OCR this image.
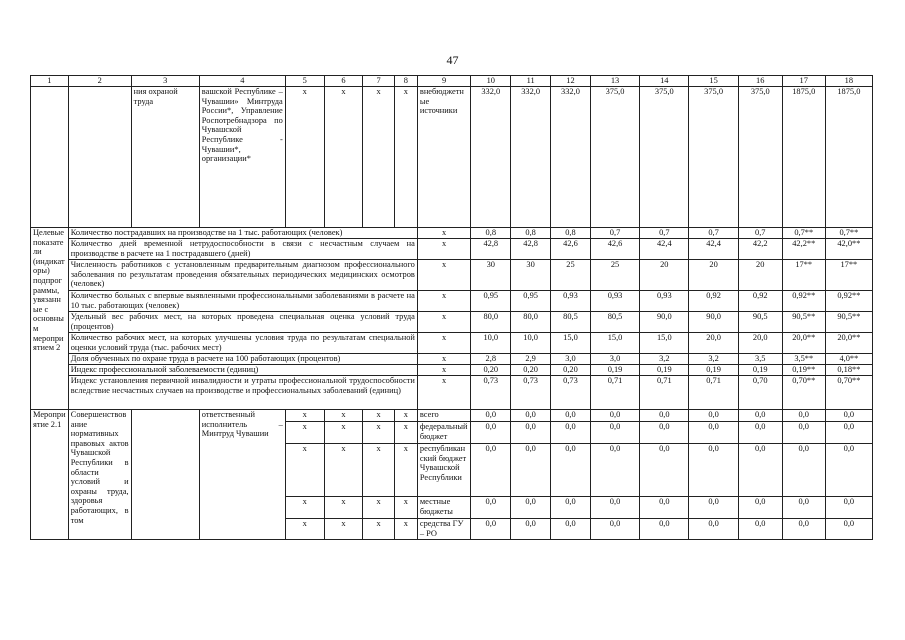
47
1	2	3	4	5	6	7	8	9	10	11	12	13	14	15	16	17	18
		ния охраной труда	вашской Республике – Чувашии» Минтруда России*, Управление Роспотребнадзора по Чувашской Республике - Чувашии*, организации*	x	x	x	x	внебюджетные источники	332,0	332,0	332,0	375,0	375,0	375,0	375,0	1875,0	1875,0
Целевые показатели (индикаторы) подпрограммы, увязанные с основным мероприятием 2	Количество пострадавших на производстве на 1 тыс. работающих (человек)							x	0,8	0,8	0,8	0,7	0,7	0,7	0,7	0,7**	0,7**
	Количество дней временной нетрудоспособности в связи с несчастным случаем на производстве в расчете на 1 пострадавшего (дней)							x	42,8	42,8	42,6	42,6	42,4	42,4	42,2	42,2**	42,0**
	Численность работников с установленным предварительным диагнозом профессионального заболевания по результатам проведения обязательных периодических медицинских осмотров (человек)							x	30	30	25	25	20	20	20	17**	17**
	Количество больных с впервые выявленными профессиональными заболеваниями в расчете на 10 тыс. работающих (человек)							x	0,95	0,95	0,93	0,93	0,93	0,92	0,92	0,92**	0,92**
	Удельный вес рабочих мест, на которых проведена специальная оценка условий труда (процентов)							x	80,0	80,0	80,5	80,5	90,0	90,0	90,5	90,5**	90,5**
	Количество рабочих мест, на которых улучшены условия труда по результатам специальной оценки условий труда (тыс. рабочих мест)							x	10,0	10,0	15,0	15,0	15,0	20,0	20,0	20,0**	20,0**
	Доля обученных по охране труда в расчете на 100 работающих (процентов)							x	2,8	2,9	3,0	3,0	3,2	3,2	3,5	3,5**	4,0**
	Индекс профессиональной заболеваемости (единиц)							x	0,20	0,20	0,20	0,19	0,19	0,19	0,19	0,19**	0,18**
	Индекс установления первичной инвалидности и утраты профессиональной трудоспособности вследствие несчастных случаев на производстве и профессиональных заболеваний (единиц)							x	0,73	0,73	0,73	0,71	0,71	0,71	0,70	0,70**	0,70**
Мероприятие 2.1	Совершенствование нормативных правовых актов Чувашской Республики в области условий и охраны труда, здоровья работающих, в том		ответственный исполнитель – Минтруд Чувашии	x	x	x	x	всего	0,0	0,0	0,0	0,0	0,0	0,0	0,0	0,0	0,0
				x	x	x	x	федеральный бюджет	0,0	0,0	0,0	0,0	0,0	0,0	0,0	0,0	0,0
				x	x	x	x	республиканский бюджет Чувашской Республики	0,0	0,0	0,0	0,0	0,0	0,0	0,0	0,0	0,0
				x	x	x	x	местные бюджеты	0,0	0,0	0,0	0,0	0,0	0,0	0,0	0,0	0,0
				x	x	x	x	средства ГУ – РО	0,0	0,0	0,0	0,0	0,0	0,0	0,0	0,0	0,0
